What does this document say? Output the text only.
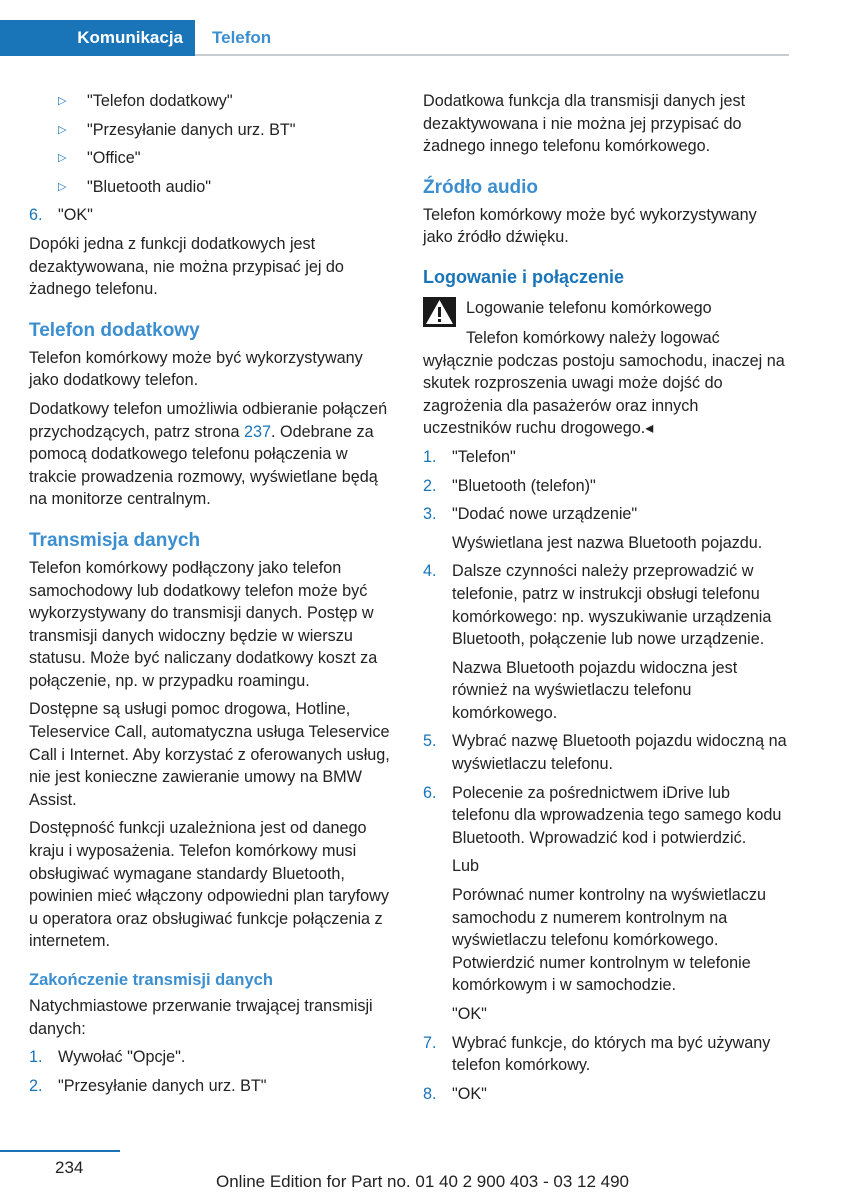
Komunikacja Telefon
▷	"Telefon dodatkowy"
▷	"Przesyłanie danych urz. BT"
▷	"Office"
▷	"Bluetooth audio"
6. "OK"

Dopóki jedna z funkcji dodatkowych jest dezaktywowana, nie można przypisać jej do żadnego telefonu.

Telefon dodatkowy

Telefon komórkowy może być wykorzystywany jako dodatkowy telefon.

Dodatkowy telefon umożliwia odbieranie połączeń przychodzących, patrz strona 237. Odebrane za pomocą dodatkowego telefonu połączenia w trakcie prowadzenia rozmowy, wyświetlane będą na monitorze centralnym.

Transmisja danych

Telefon komórkowy podłączony jako telefon samochodowy lub dodatkowy telefon może być wykorzystywany do transmisji danych. Postęp w transmisji danych widoczny będzie w wierszu statusu. Może być naliczany dodatkowy koszt za połączenie, np. w przypadku roamingu.

Dostępne są usługi pomoc drogowa, Hotline, Teleservice Call, automatyczna usługa Teleservice Call i Internet. Aby korzystać z oferowanych usług, nie jest konieczne zawieranie umowy na BMW Assist.

Dostępność funkcji uzależniona jest od danego kraju i wyposażenia. Telefon komórkowy musi obsługiwać wymagane standardy Bluetooth, powinien mieć włączony odpowiedni plan taryfowy u operatora oraz obsługiwać funkcje połączenia z internetem.

Zakończenie transmisji danych

Natychmiastowe przerwanie trwającej transmisji danych:

1. Wywołać "Opcje".
2. "Przesyłanie danych urz. BT"

Dodatkowa funkcja dla transmisji danych jest dezaktywowana i nie można jej przypisać do żadnego innego telefonu komórkowego.

Źródło audio

Telefon komórkowy może być wykorzystywany jako źródło dźwięku.

Logowanie i połączenie
Logowanie telefonu komórkowego

Telefon komórkowy należy logować wyłącznie podczas postoju samochodu, inaczej na skutek rozproszenia uwagi może dojść do zagrożenia dla pasażerów oraz innych uczestników ruchu drogowego.◂

1. "Telefon"
2. "Bluetooth (telefon)"
3. "Dodać nowe urządzenie"

Wyświetlana jest nazwa Bluetooth pojazdu.

4. Dalsze czynności należy przeprowadzić w telefonie, patrz w instrukcji obsługi telefonu komórkowego: np. wyszukiwanie urządzenia Bluetooth, połączenie lub nowe urządzenie.

Nazwa Bluetooth pojazdu widoczna jest również na wyświetlaczu telefonu komórkowego.

5. Wybrać nazwę Bluetooth pojazdu widoczną na wyświetlaczu telefonu.
6. Polecenie za pośrednictwem iDrive lub telefonu dla wprowadzenia tego samego kodu Bluetooth. Wprowadzić kod i potwierdzić.

Lub

Porównać numer kontrolny na wyświetlaczu samochodu z numerem kontrolnym na wyświetlaczu telefonu komórkowego. Potwierdzić numer kontrolnym w telefonie komórkowym i w samochodzie.

"OK"

7. Wybrać funkcje, do których ma być używany telefon komórkowy.
8. "OK"
234
Online Edition for Part no. 01 40 2 900 403 - 03 12 490
